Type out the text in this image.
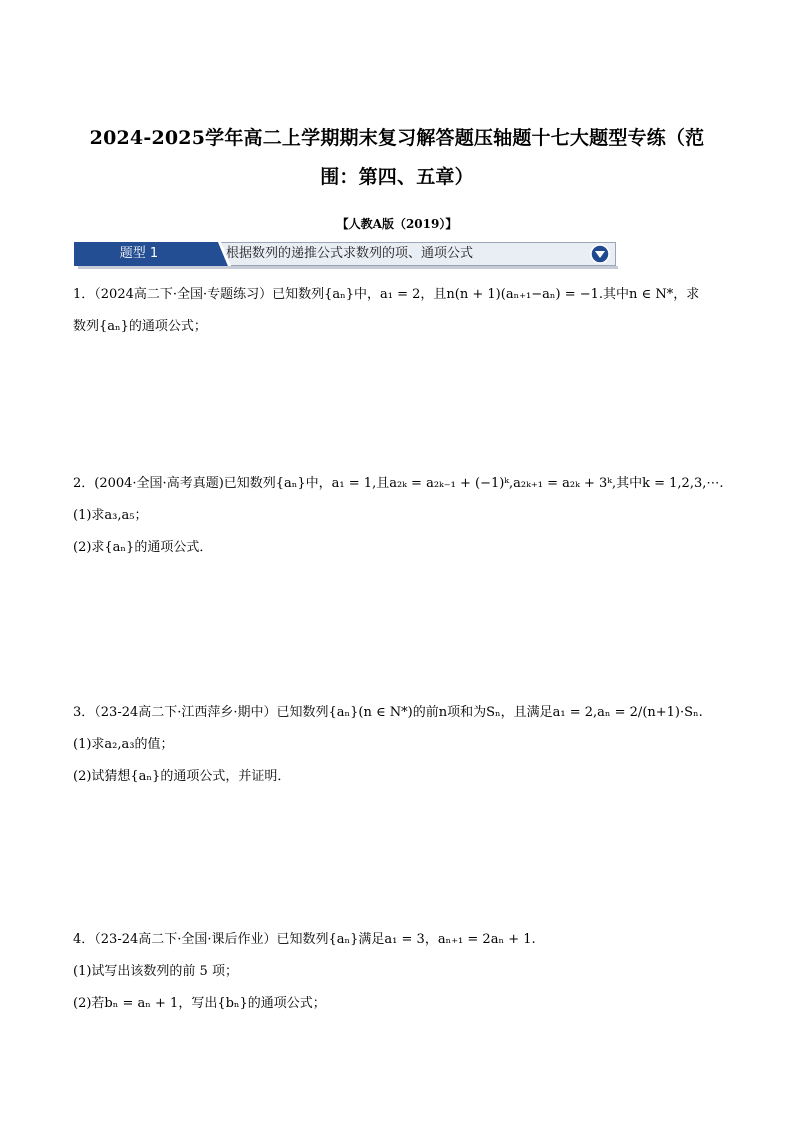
2024-2025学年高二上学期期末复习解答题压轴题十七大题型专练（范
围：第四、五章）
【人教A版（2019）】
题型 1	根据数列的递推公式求数列的项、通项公式

1．（2024高二下·全国·专题练习）已知数列{aₙ}中，a₁ = 2，且n(n + 1)(aₙ₊₁−aₙ) = −1.其中n ∈ N*，求

数列{aₙ}的通项公式；

2．(2004·全国·高考真题)已知数列{aₙ}中，a₁ = 1,且a₂ₖ = a₂ₖ₋₁ + (−1)ᵏ,a₂ₖ₊₁ = a₂ₖ + 3ᵏ,其中k = 1,2,3,⋯.

(1)求a₃,a₅；

(2)求{aₙ}的通项公式．

3．（23-24高二下·江西萍乡·期中）已知数列{aₙ}(n ∈ N*)的前n项和为Sₙ，且满足a₁ = 2,aₙ = 2/(n+1)·Sₙ.

(1)求a₂,a₃的值；

(2)试猜想{aₙ}的通项公式，并证明．

4．（23-24高二下·全国·课后作业）已知数列{aₙ}满足a₁ = 3，aₙ₊₁ = 2aₙ + 1.

(1)试写出该数列的前 5 项；

(2)若bₙ = aₙ + 1，写出{bₙ}的通项公式；
